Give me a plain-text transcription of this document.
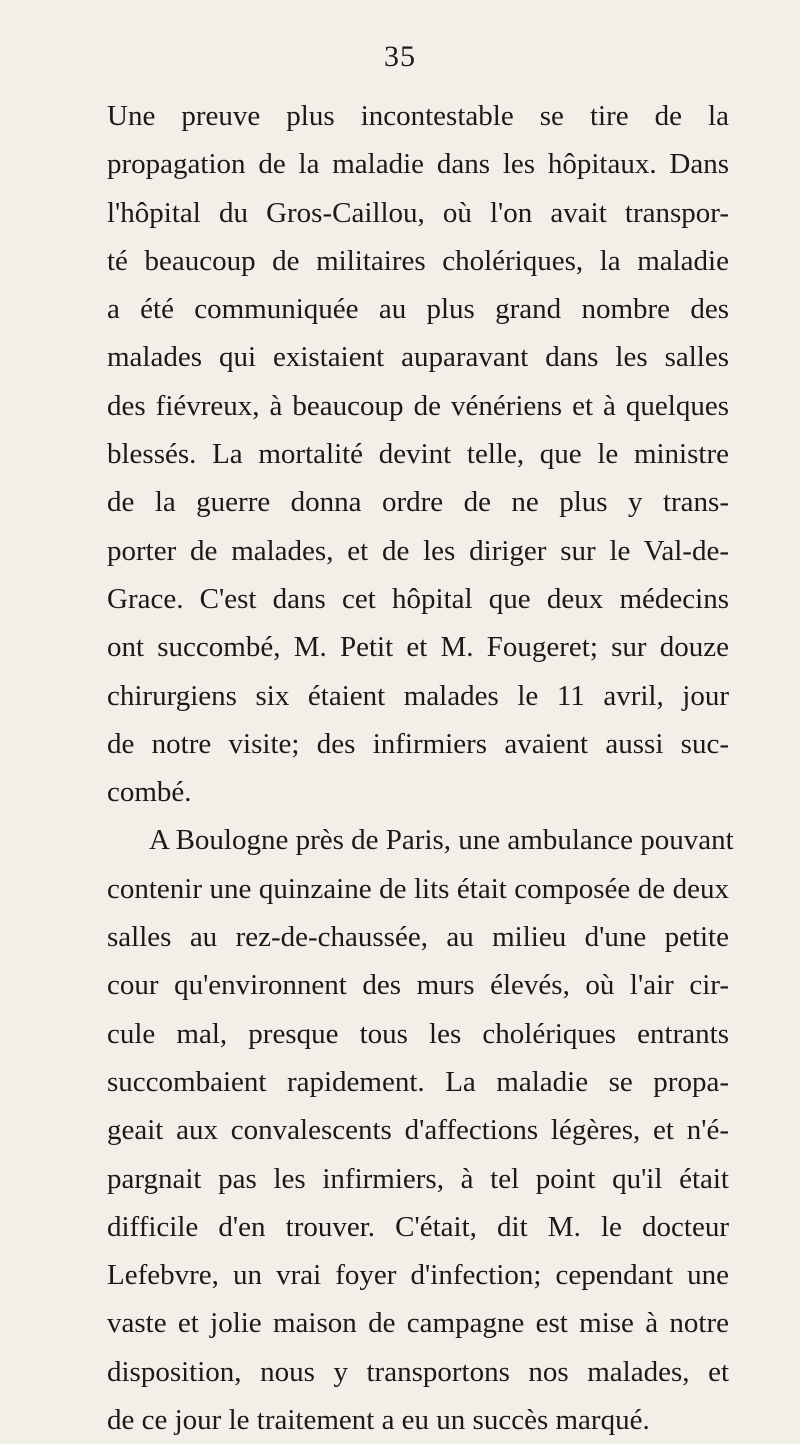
35
Une preuve plus incontestable se tire de la
propagation de la maladie dans les hôpitaux. Dans
l'hôpital du Gros-Caillou, où l'on avait transpor-
té beaucoup de militaires cholériques, la maladie
a été communiquée au plus grand nombre des
malades qui existaient auparavant dans les salles
des fiévreux, à beaucoup de vénériens et à quelques
blessés. La mortalité devint telle, que le ministre
de la guerre donna ordre de ne plus y trans-
porter de malades, et de les diriger sur le Val-de-
Grace. C'est dans cet hôpital que deux médecins
ont succombé, M. Petit et M. Fougeret; sur douze
chirurgiens six étaient malades le 11 avril, jour
de notre visite; des infirmiers avaient aussi suc-
combé.
A Boulogne près de Paris, une ambulance pouvant
contenir une quinzaine de lits était composée de deux
salles au rez-de-chaussée, au milieu d'une petite
cour qu'environnent des murs élevés, où l'air cir-
cule mal, presque tous les cholériques entrants
succombaient rapidement. La maladie se propa-
geait aux convalescents d'affections légères, et n'é-
pargnait pas les infirmiers, à tel point qu'il était
difficile d'en trouver. C'était, dit M. le docteur
Lefebvre, un vrai foyer d'infection; cependant une
vaste et jolie maison de campagne est mise à notre
disposition, nous y transportons nos malades, et
de ce jour le traitement a eu un succès marqué.
